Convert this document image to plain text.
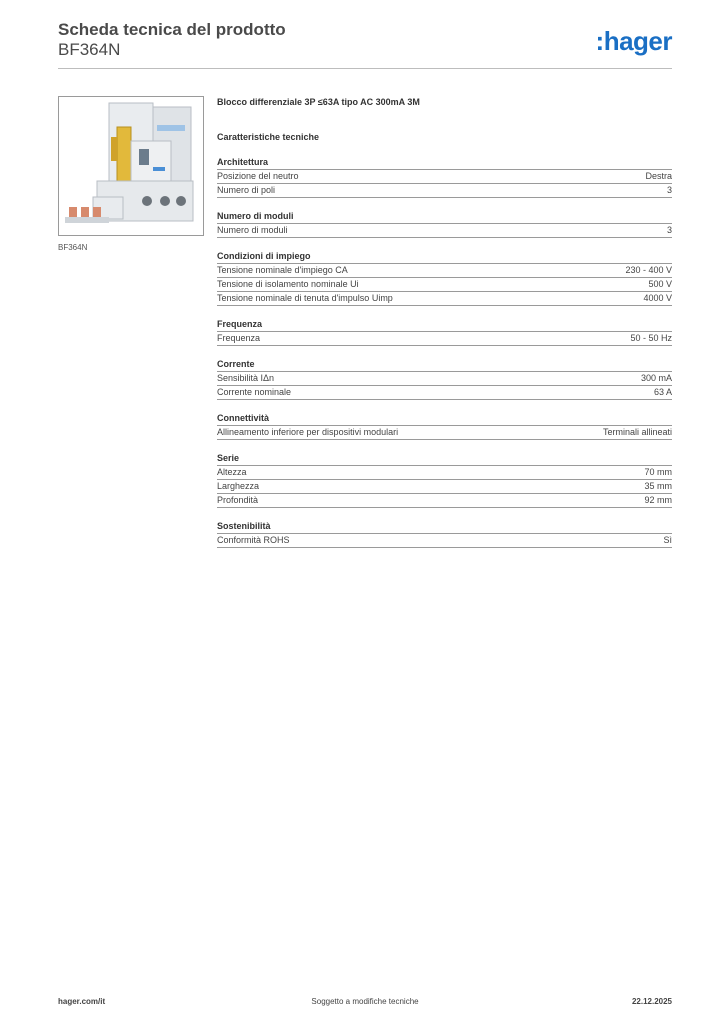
Scheda tecnica del prodotto
BF364N	:hager
BF364N
Blocco differenziale 3P ≤63A tipo AC 300mA 3M
Caratteristiche tecniche
Architettura
Posizione del neutro	Destra
Numero di poli	3
Numero di moduli
Numero di moduli	3
Condizioni di impiego
Tensione nominale d'impiego CA	230 - 400 V
Tensione di isolamento nominale Ui	500 V
Tensione nominale di tenuta d'impulso Uimp	4000 V
Frequenza
Frequenza	50 - 50 Hz
Corrente
Sensibilità IΔn	300 mA
Corrente nominale	63 A
Connettività
Allineamento inferiore per dispositivi modulari	Terminali allineati
Serie
Altezza	70 mm
Larghezza	35 mm
Profondità	92 mm
Sostenibilità
Conformità ROHS	Sì
hager.com/it	Soggetto a modifiche tecniche	22.12.2025
